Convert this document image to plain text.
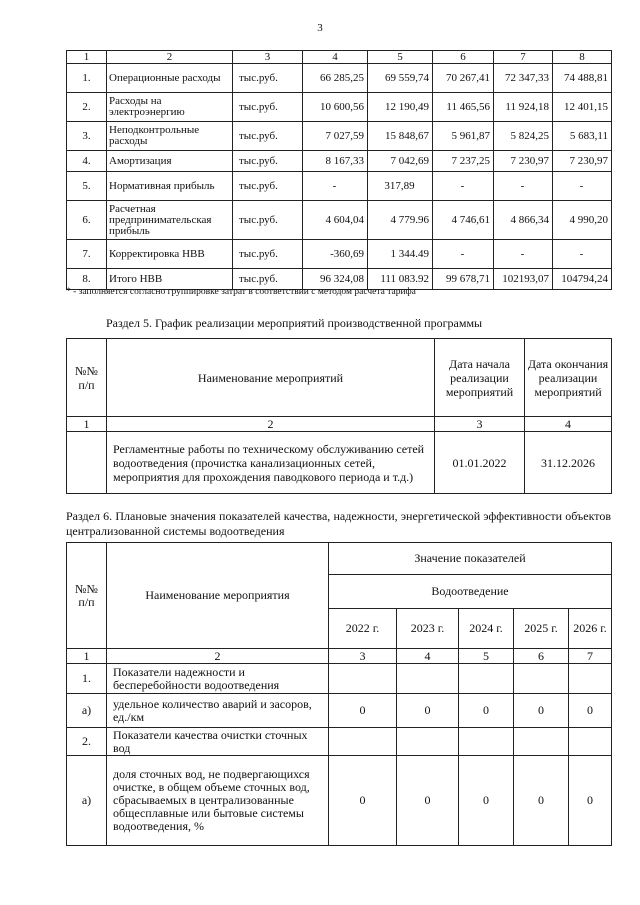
3
1	2	3	4	5	6	7	8
1.	Операционные расходы	тыс.руб.	66 285,25	69 559,74	70 267,41	72 347,33	74 488,81
2.	Расходы на электроэнергию	тыс.руб.	10 600,56	12 190,49	11 465,56	11 924,18	12 401,15
3.	Неподконтрольные расходы	тыс.руб.	7 027,59	15 848,67	5 961,87	5 824,25	5 683,11
4.	Амортизация	тыс.руб.	8 167,33	7 042,69	7 237,25	7 230,97	7 230,97
5.	Нормативная прибыль	тыс.руб.	-	317,89	-	-	-
6.	Расчетная предпринимательская прибыль	тыс.руб.	4 604,04	4 779.96	4 746,61	4 866,34	4 990,20
7.	Корректировка НВВ	тыс.руб.	-360,69	1 344.49	-	-	-
8.	Итого НВВ	тыс.руб.	96 324,08	111 083.92	99 678,71	102193,07	104794,24
* - заполняется согласно группировке затрат в соответствии с методом расчета тарифа
Раздел 5. График реализации мероприятий производственной программы
№№ п/п	Наименование мероприятий	Дата начала реализации мероприятий	Дата окончания реализации мероприятий
1	2	3	4
	Регламентные работы по техническому обслуживанию сетей водоотведения (прочистка канализационных сетей, мероприятия для прохождения паводкового периода и т.д.)	01.01.2022	31.12.2026
Раздел 6. Плановые значения показателей качества, надежности, энергетической эффективности объектов централизованной системы водоотведения
№№ п/п	Наименование мероприятия	Значение показателей				
		Водоотведение				
		2022 г.	2023 г.	2024 г.	2025 г.	2026 г.
1	2	3	4	5	6	7
1.	Показатели надежности и бесперебойности водоотведения					
а)	удельное количество аварий и засоров, ед./км	0	0	0	0	0
2.	Показатели качества очистки сточных вод					
а)	доля сточных вод, не подвергающихся очистке, в общем объеме сточных вод, сбрасываемых в централизованные общесплавные или бытовые системы водоотведения, %	0	0	0	0	0
